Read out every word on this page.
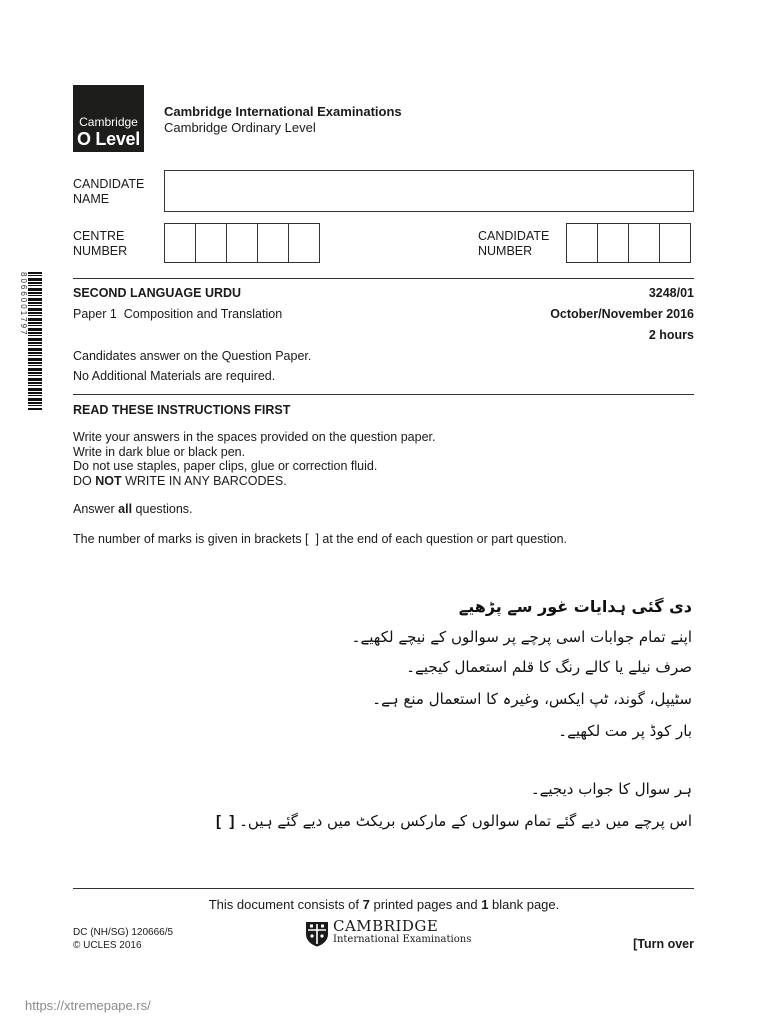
Cambridge
O Level
Cambridge International Examinations
Cambridge Ordinary Level
CANDIDATE
NAME
CENTRE
NUMBER
CANDIDATE
NUMBER
8066001797	SECOND LANGUAGE URDU	3248/01
Paper 1  Composition and Translation	October/November 2016
2 hours
Candidates answer on the Question Paper.
No Additional Materials are required.
READ THESE INSTRUCTIONS FIRST
Write your answers in the spaces provided on the question paper.
Write in dark blue or black pen.
Do not use staples, paper clips, glue or correction fluid.
DO NOT WRITE IN ANY BARCODES.
Answer all questions.
The number of marks is given in brackets [  ] at the end of each question or part question.
دی گئی ہدایات غور سے پڑھیے
اپنے تمام جوابات اسی پرچے پر سوالوں کے نیچے لکھیے۔
صرف نیلے یا کالے رنگ کا قلم استعمال کیجیے۔
سٹیپل، گوند، ٹپ ایکس، وغیرہ کا استعمال منع ہے۔
بار کوڈ پر مت لکھیے۔
ہر سوال کا جواب دیجیے۔
اس پرچے میں دیے گئے تمام سوالوں کے مارکس بریکٹ میں دیے گئے ہیں۔ [  ]
This document consists of 7 printed pages and 1 blank page.
DC (NH/SG) 120666/5
© UCLES 2016
CAMBRIDGE
International Examinations	[Turn over
https://xtremepape.rs/
